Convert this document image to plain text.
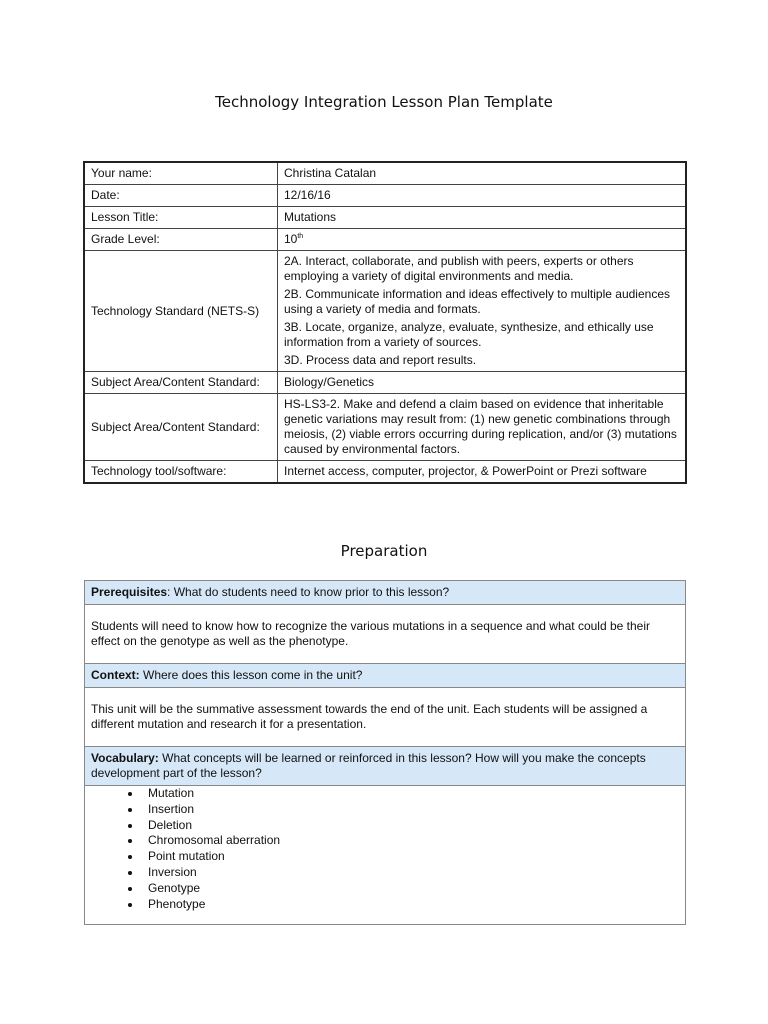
Technology Integration Lesson Plan Template
Your name:	Christina Catalan
Date:	12/16/16
Lesson Title:	Mutations
Grade Level:	10th
Technology Standard (NETS-S)	2A. Interact, collaborate, and publish with peers, experts or others employing a variety of digital environments and media.

2B. Communicate information and ideas effectively to multiple audiences using a variety of media and formats.

3B. Locate, organize, analyze, evaluate, synthesize, and ethically use information from a variety of sources.

3D. Process data and report results.

Subject Area/Content Standard:	Biology/Genetics
Subject Area/Content Standard:	HS-LS3-2. Make and defend a claim based on evidence that inheritable genetic variations may result from: (1) new genetic combinations through meiosis, (2) viable errors occurring during replication, and/or (3) mutations caused by environmental factors.
Technology tool/software:	Internet access, computer, projector, & PowerPoint or Prezi software
Preparation
Prerequisites: What do students need to know prior to this lesson?
Students will need to know how to recognize the various mutations in a sequence and what could be their effect on the genotype as well as the phenotype.
Context: Where does this lesson come in the unit?
This unit will be the summative assessment towards the end of the unit. Each students will be assigned a different mutation and research it for a presentation.
Vocabulary: What concepts will be learned or reinforced in this lesson? How will you make the concepts development part of the lesson?

• Mutation
• Insertion
• Deletion
• Chromosomal aberration
• Point mutation
• Inversion
• Genotype
• Phenotype
